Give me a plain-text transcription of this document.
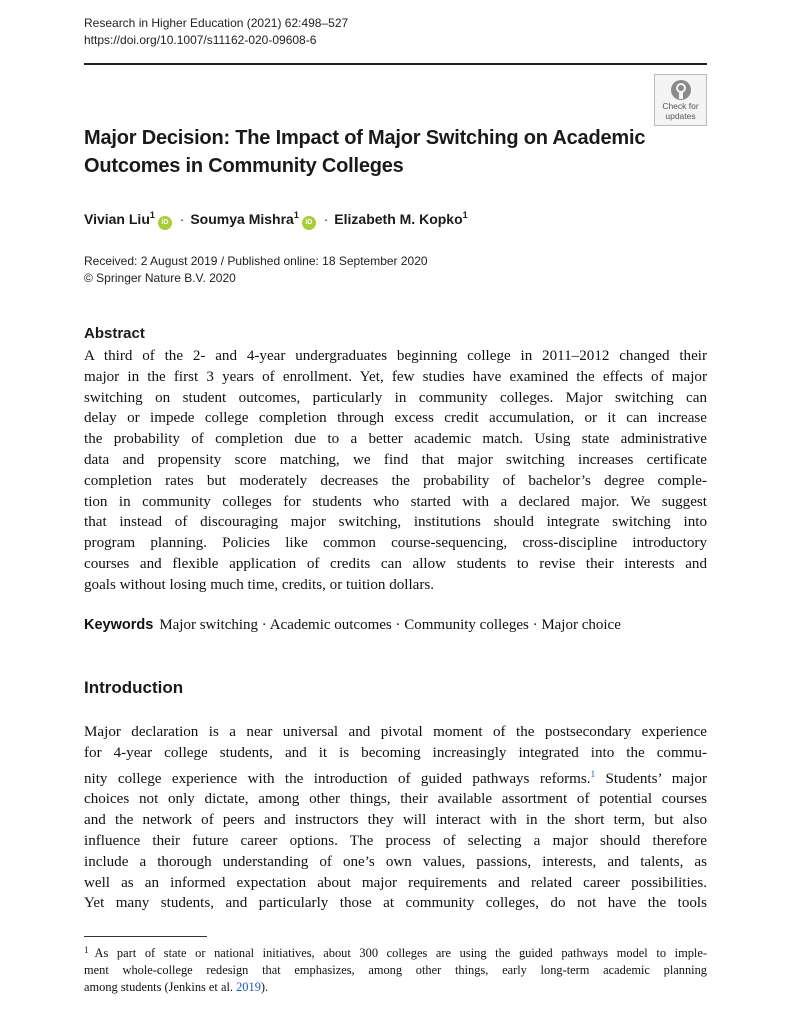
Research in Higher Education (2021) 62:498–527
https://doi.org/10.1007/s11162-020-09608-6
Check for
updates
Major Decision: The Impact of Major Switching on Academic
Outcomes in Community Colleges
Vivian Liu$^1$iD · Soumya Mishra$^1$iD · Elizabeth M. Kopko$^1$
Received: 2 August 2019 / Published online: 18 September 2020
© Springer Nature B.V. 2020
Abstract
A third of the 2- and 4-year undergraduates beginning college in 2011–2012 changed their
major in the first 3 years of enrollment. Yet, few studies have examined the effects of major
switching on student outcomes, particularly in community colleges. Major switching can
delay or impede college completion through excess credit accumulation, or it can increase
the probability of completion due to a better academic match. Using state administrative
data and propensity score matching, we find that major switching increases certificate
completion rates but moderately decreases the probability of bachelor’s degree comple-
tion in community colleges for students who started with a declared major. We suggest
that instead of discouraging major switching, institutions should integrate switching into
program planning. Policies like common course-sequencing, cross-discipline introductory
courses and flexible application of credits can allow students to revise their interests and
goals without losing much time, credits, or tuition dollars.
Keywords Major switching · Academic outcomes · Community colleges · Major choice
Introduction
Major declaration is a near universal and pivotal moment of the postsecondary experience
for 4-year college students, and it is becoming increasingly integrated into the commu-
nity college experience with the introduction of guided pathways reforms.$^1$ Students’ major
choices not only dictate, among other things, their available assortment of potential courses
and the network of peers and instructors they will interact with in the short term, but also
influence their future career options. The process of selecting a major should therefore
include a thorough understanding of one’s own values, passions, interests, and talents, as
well as an informed expectation about major requirements and related career possibilities.
Yet many students, and particularly those at community colleges, do not have the tools
$^1$ As part of state or national initiatives, about 300 colleges are using the guided pathways model to imple-
ment whole-college redesign that emphasizes, among other things, early long-term academic planning
among students (Jenkins et al. 2019).
